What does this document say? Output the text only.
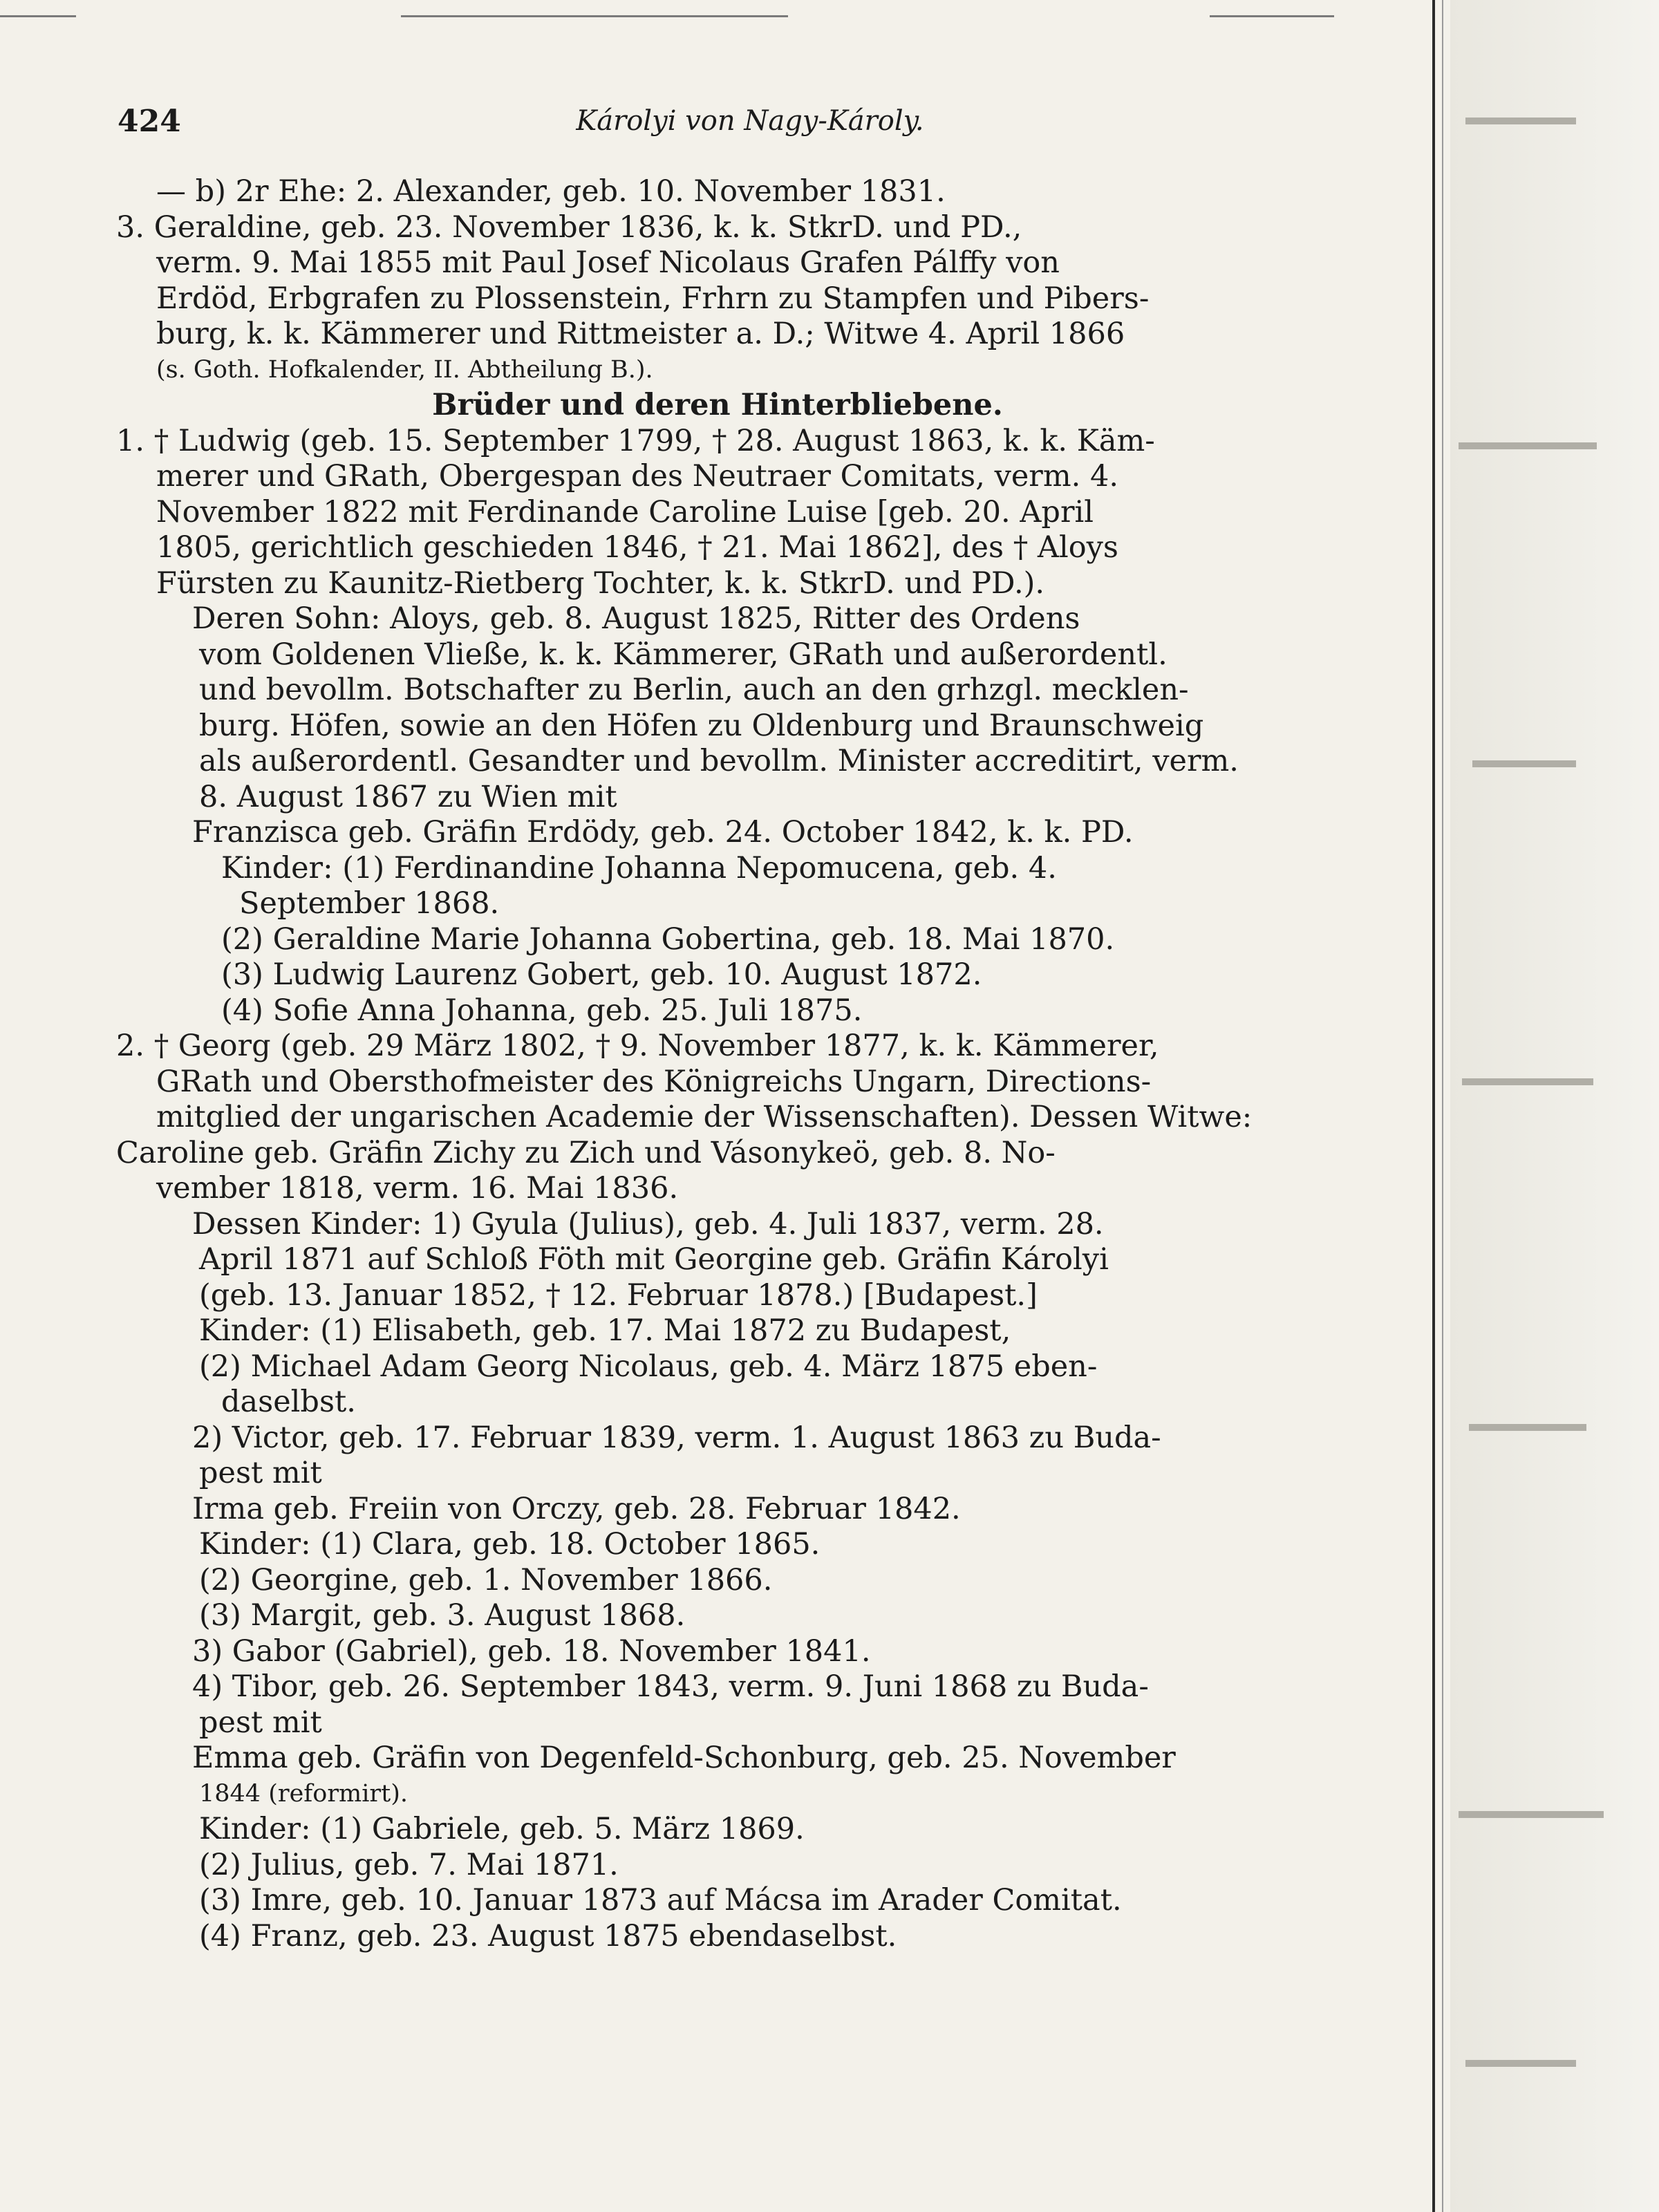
424	Károlyi von Nagy-Károly.
— b) 2r Ehe: 2. Alexander, geb. 10. November 1831.
3. Geraldine, geb. 23. November 1836, k. k. StkrD. und PD.,
verm. 9. Mai 1855 mit Paul Josef Nicolaus Grafen Pálffy von
Erdöd, Erbgrafen zu Plossenstein, Frhrn zu Stampfen und Pibers-
burg, k. k. Kämmerer und Rittmeister a. D.; Witwe 4. April 1866
(s. Goth. Hofkalender, II. Abtheilung B.).
Brüder und deren Hinterbliebene.
1. † Ludwig (geb. 15. September 1799, † 28. August 1863, k. k. Käm-
merer und GRath, Obergespan des Neutraer Comitats, verm. 4.
November 1822 mit Ferdinande Caroline Luise [geb. 20. April
1805, gerichtlich geschieden 1846, † 21. Mai 1862], des † Aloys
Fürsten zu Kaunitz-Rietberg Tochter, k. k. StkrD. und PD.).
Deren Sohn: Aloys, geb. 8. August 1825, Ritter des Ordens
vom Goldenen Vließe, k. k. Kämmerer, GRath und außerordentl.
und bevollm. Botschafter zu Berlin, auch an den grhzgl. mecklen-
burg. Höfen, sowie an den Höfen zu Oldenburg und Braunschweig
als außerordentl. Gesandter und bevollm. Minister accreditirt, verm.
8. August 1867 zu Wien mit
Franzisca geb. Gräfin Erdödy, geb. 24. October 1842, k. k. PD.
Kinder: (1) Ferdinandine Johanna Nepomucena, geb. 4.
September 1868.
(2) Geraldine Marie Johanna Gobertina, geb. 18. Mai 1870.
(3) Ludwig Laurenz Gobert, geb. 10. August 1872.
(4) Sofie Anna Johanna, geb. 25. Juli 1875.
2. † Georg (geb. 29 März 1802, † 9. November 1877, k. k. Kämmerer,
GRath und Obersthofmeister des Königreichs Ungarn, Directions-
mitglied der ungarischen Academie der Wissenschaften). Dessen Witwe:
Caroline geb. Gräfin Zichy zu Zich und Vásonykeö, geb. 8. No-
vember 1818, verm. 16. Mai 1836.
Dessen Kinder: 1) Gyula (Julius), geb. 4. Juli 1837, verm. 28.
April 1871 auf Schloß Föth mit Georgine geb. Gräfin Károlyi
(geb. 13. Januar 1852, † 12. Februar 1878.) [Budapest.]
Kinder: (1) Elisabeth, geb. 17. Mai 1872 zu Budapest,
(2) Michael Adam Georg Nicolaus, geb. 4. März 1875 eben-
daselbst.
2) Victor, geb. 17. Februar 1839, verm. 1. August 1863 zu Buda-
pest mit
Irma geb. Freiin von Orczy, geb. 28. Februar 1842.
Kinder: (1) Clara, geb. 18. October 1865.
(2) Georgine, geb. 1. November 1866.
(3) Margit, geb. 3. August 1868.
3) Gabor (Gabriel), geb. 18. November 1841.
4) Tibor, geb. 26. September 1843, verm. 9. Juni 1868 zu Buda-
pest mit
Emma geb. Gräfin von Degenfeld-Schonburg, geb. 25. November
1844 (reformirt).
Kinder: (1) Gabriele, geb. 5. März 1869.
(2) Julius, geb. 7. Mai 1871.
(3) Imre, geb. 10. Januar 1873 auf Mácsa im Arader Comitat.
(4) Franz, geb. 23. August 1875 ebendaselbst.
